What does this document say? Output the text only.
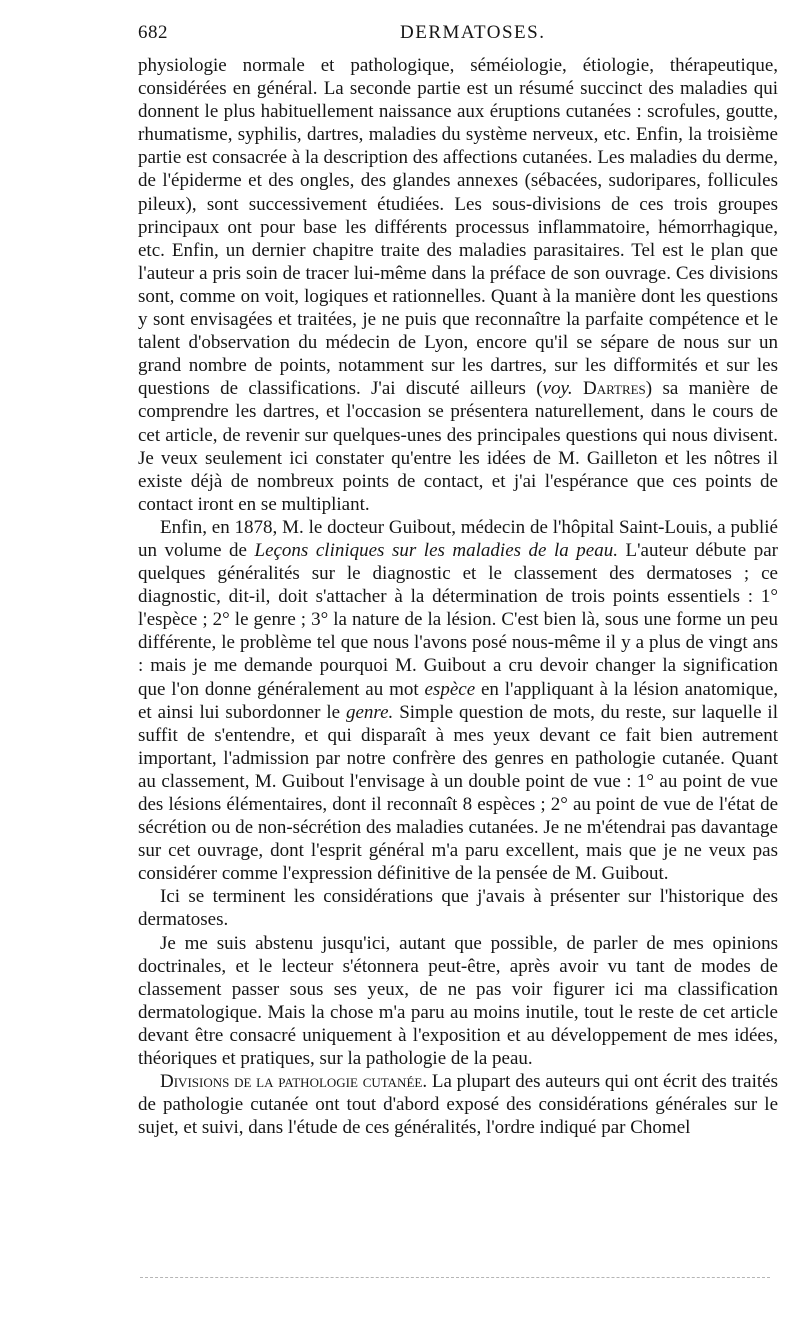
682	DERMATOSES.

physiologie normale et pathologique, séméiologie, étiologie, thérapeutique, considérées en général. La seconde partie est un résumé succinct des maladies qui donnent le plus habituellement naissance aux éruptions cutanées : scrofules, goutte, rhumatisme, syphilis, dartres, maladies du système nerveux, etc. Enfin, la troisième partie est consacrée à la description des affections cutanées. Les maladies du derme, de l'épiderme et des ongles, des glandes annexes (sébacées, sudoripares, follicules pileux), sont successivement étudiées. Les sous-divisions de ces trois groupes principaux ont pour base les différents processus inflammatoire, hémorrhagique, etc. Enfin, un dernier chapitre traite des maladies parasitaires. Tel est le plan que l'auteur a pris soin de tracer lui-même dans la préface de son ouvrage. Ces divisions sont, comme on voit, logiques et rationnelles. Quant à la manière dont les questions y sont envisagées et traitées, je ne puis que reconnaître la parfaite compétence et le talent d'observation du médecin de Lyon, encore qu'il se sépare de nous sur un grand nombre de points, notamment sur les dartres, sur les difformités et sur les questions de classifications. J'ai discuté ailleurs (voy. Dartres) sa manière de comprendre les dartres, et l'occasion se présentera naturellement, dans le cours de cet article, de revenir sur quelques-unes des principales questions qui nous divisent. Je veux seulement ici constater qu'entre les idées de M. Gailleton et les nôtres il existe déjà de nombreux points de contact, et j'ai l'espérance que ces points de contact iront en se multipliant.

Enfin, en 1878, M. le docteur Guibout, médecin de l'hôpital Saint-Louis, a publié un volume de Leçons cliniques sur les maladies de la peau. L'auteur débute par quelques généralités sur le diagnostic et le classement des dermatoses ; ce diagnostic, dit-il, doit s'attacher à la détermination de trois points essentiels : 1° l'espèce ; 2° le genre ; 3° la nature de la lésion. C'est bien là, sous une forme un peu différente, le problème tel que nous l'avons posé nous-même il y a plus de vingt ans : mais je me demande pourquoi M. Guibout a cru devoir changer la signification que l'on donne généralement au mot espèce en l'appliquant à la lésion anatomique, et ainsi lui subordonner le genre. Simple question de mots, du reste, sur laquelle il suffit de s'entendre, et qui disparaît à mes yeux devant ce fait bien autrement important, l'admission par notre confrère des genres en pathologie cutanée. Quant au classement, M. Guibout l'envisage à un double point de vue : 1° au point de vue des lésions élémentaires, dont il reconnaît 8 espèces ; 2° au point de vue de l'état de sécrétion ou de non-sécrétion des maladies cutanées. Je ne m'étendrai pas davantage sur cet ouvrage, dont l'esprit général m'a paru excellent, mais que je ne veux pas considérer comme l'expression définitive de la pensée de M. Guibout.

Ici se terminent les considérations que j'avais à présenter sur l'historique des dermatoses.

Je me suis abstenu jusqu'ici, autant que possible, de parler de mes opinions doctrinales, et le lecteur s'étonnera peut-être, après avoir vu tant de modes de classement passer sous ses yeux, de ne pas voir figurer ici ma classification dermatologique. Mais la chose m'a paru au moins inutile, tout le reste de cet article devant être consacré uniquement à l'exposition et au développement de mes idées, théoriques et pratiques, sur la pathologie de la peau.

Divisions de la pathologie cutanée. La plupart des auteurs qui ont écrit des traités de pathologie cutanée ont tout d'abord exposé des considérations générales sur le sujet, et suivi, dans l'étude de ces généralités, l'ordre indiqué par Chomel
